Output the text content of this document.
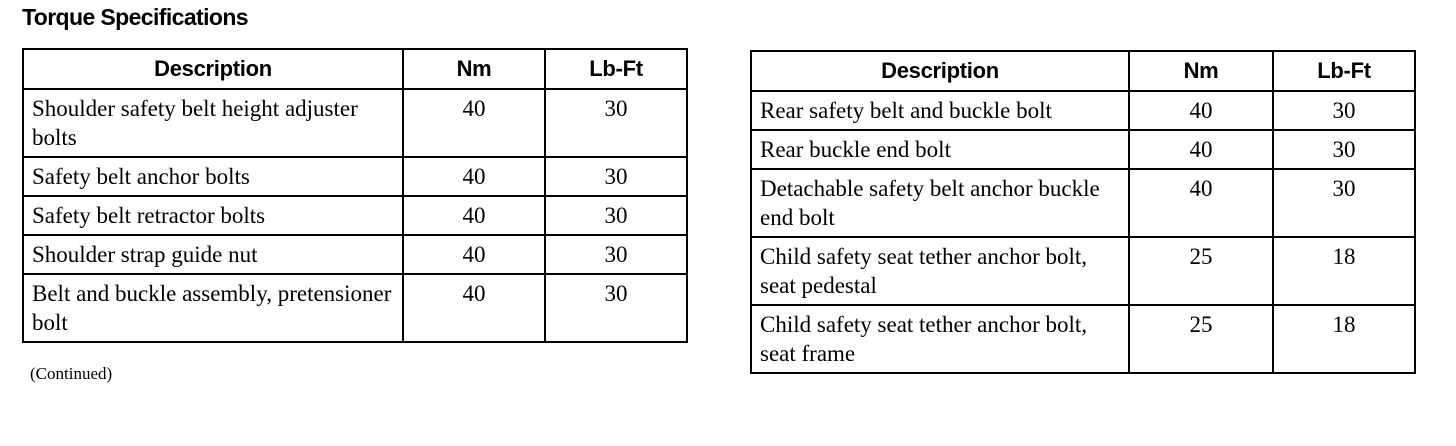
Torque Specifications
Description	Nm	Lb-Ft
Shoulder safety belt height adjuster bolts	40	30
Safety belt anchor bolts	40	30
Safety belt retractor bolts	40	30
Shoulder strap guide nut	40	30
Belt and buckle assembly, pretensioner bolt	40	30
(Continued)
Description	Nm	Lb-Ft
Rear safety belt and buckle bolt	40	30
Rear buckle end bolt	40	30
Detachable safety belt anchor buckle end bolt	40	30
Child safety seat tether anchor bolt, seat pedestal	25	18
Child safety seat tether anchor bolt, seat frame	25	18
